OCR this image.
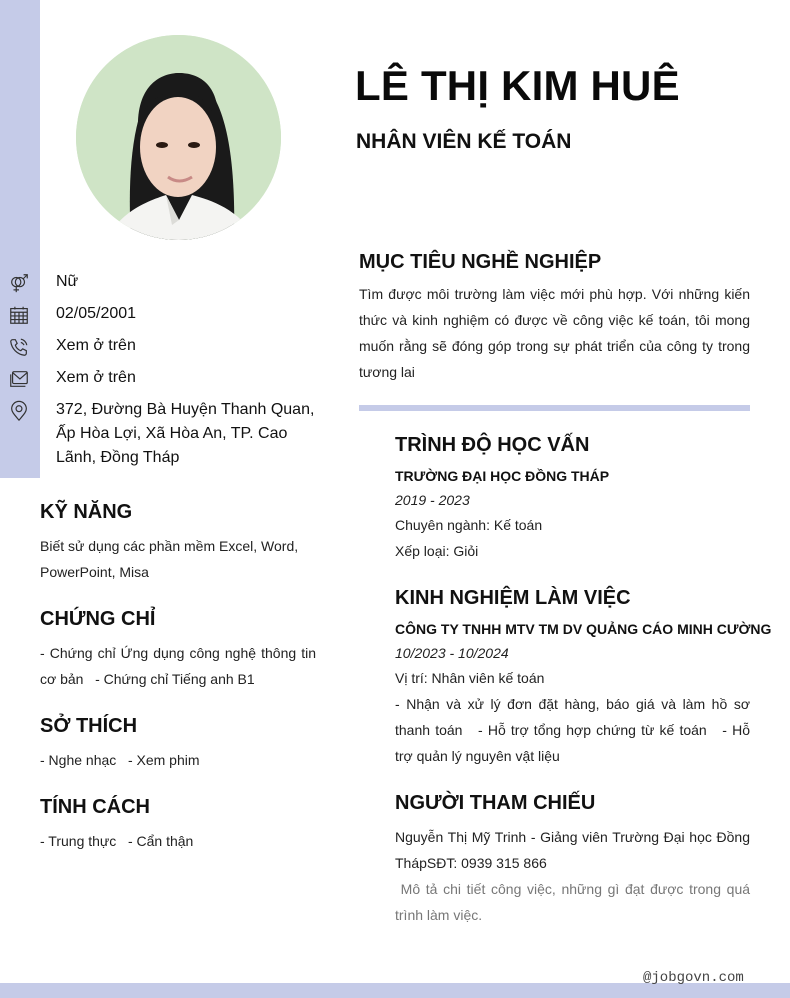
LÊ THỊ KIM HUÊ
NHÂN VIÊN KẾ TOÁN
Nữ
02/05/2001
Xem ở trên
Xem ở trên
372, Đường Bà Huyện Thanh Quan, Ấp Hòa Lợi, Xã Hòa An, TP. Cao Lãnh, Đồng Tháp
KỸ NĂNG
Biết sử dụng các phần mềm Excel, Word, PowerPoint, Misa
CHỨNG CHỈ
- Chứng chỉ Ứng dụng công nghệ thông tin cơ bản   - Chứng chỉ Tiếng anh B1
SỞ THÍCH
- Nghe nhạc   - Xem phim
TÍNH CÁCH
- Trung thực   - Cẩn thận
MỤC TIÊU NGHỀ NGHIỆP
Tìm được môi trường làm việc mới phù hợp. Với những kiến thức và kinh nghiệm có được về công việc kế toán, tôi mong muốn rằng sẽ đóng góp trong sự phát triển của công ty trong tương lai
TRÌNH ĐỘ HỌC VẤN
TRƯỜNG ĐẠI HỌC ĐỒNG THÁP
2019 - 2023
Chuyên ngành: Kế toán
Xếp loại: Giỏi
KINH NGHIỆM LÀM VIỆC
CÔNG TY TNHH MTV TM DV QUẢNG CÁO MINH CƯỜNG
10/2023 - 10/2024
Vị trí: Nhân viên kế toán
- Nhận và xử lý đơn đặt hàng, báo giá và làm hồ sơ thanh toán   - Hỗ trợ tổng hợp chứng từ kế toán   - Hỗ trợ quản lý nguyên vật liệu
NGƯỜI THAM CHIẾU
Nguyễn Thị Mỹ Trinh - Giảng viên Trường Đại học Đồng ThápSĐT: 0939 315 866
Mô tả chi tiết công việc, những gì đạt được trong quá trình làm việc.
@jobgovn.com
